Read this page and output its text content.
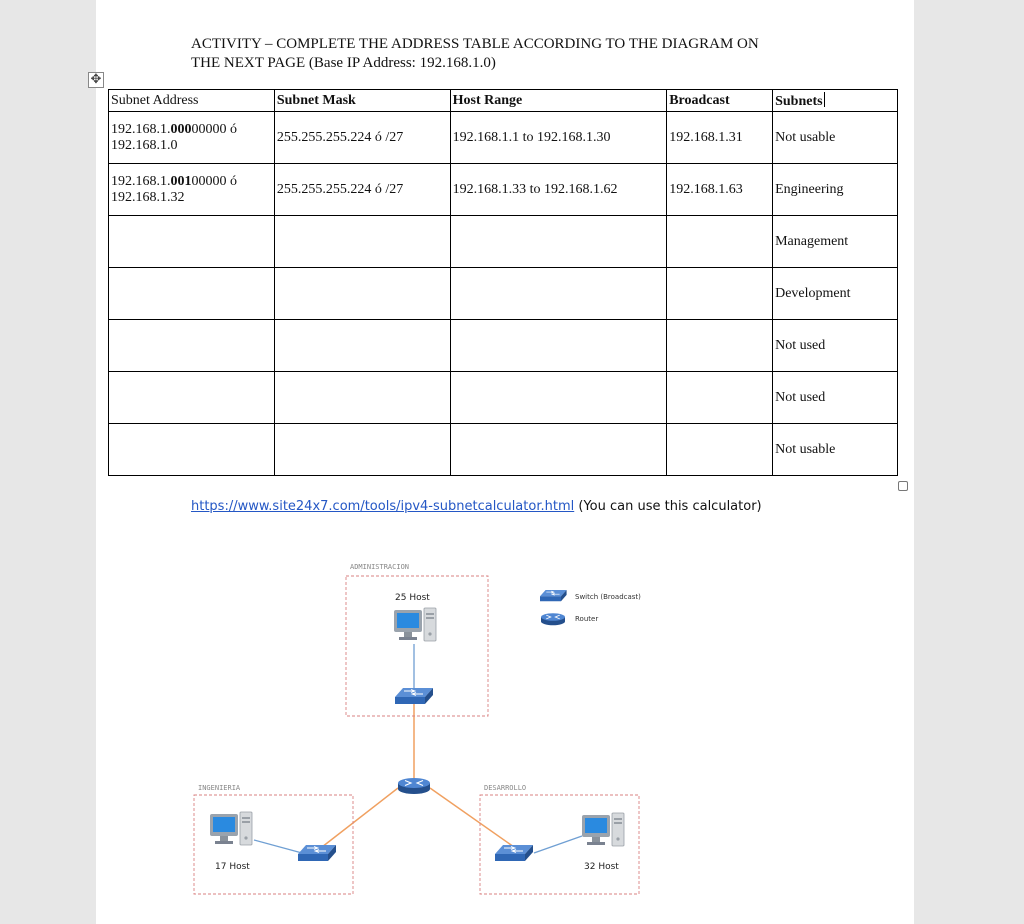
ACTIVITY – COMPLETE THE ADDRESS TABLE ACCORDING TO THE DIAGRAM ON
THE NEXT PAGE (Base IP Address: 192.168.1.0)
✥
Subnet Address	Subnet Mask	Host Range	Broadcast	Subnets
192.168.1.00000000 ó
192.168.1.0	255.255.255.224 ó /27	192.168.1.1 to 192.168.1.30	192.168.1.31	Not usable
192.168.1.00100000 ó
192.168.1.32	255.255.255.224 ó /27	192.168.1.33 to 192.168.1.62	192.168.1.63	Engineering
				Management
				Development
				Not used
				Not used
				Not usable
https://www.site24x7.com/tools/ipv4-subnetcalculator.html (You can use this calculator)
ADMINISTRACION
25 Host
INGENIERIA
17 Host
DESARROLLO
32 Host
Switch (Broadcast)
Router
